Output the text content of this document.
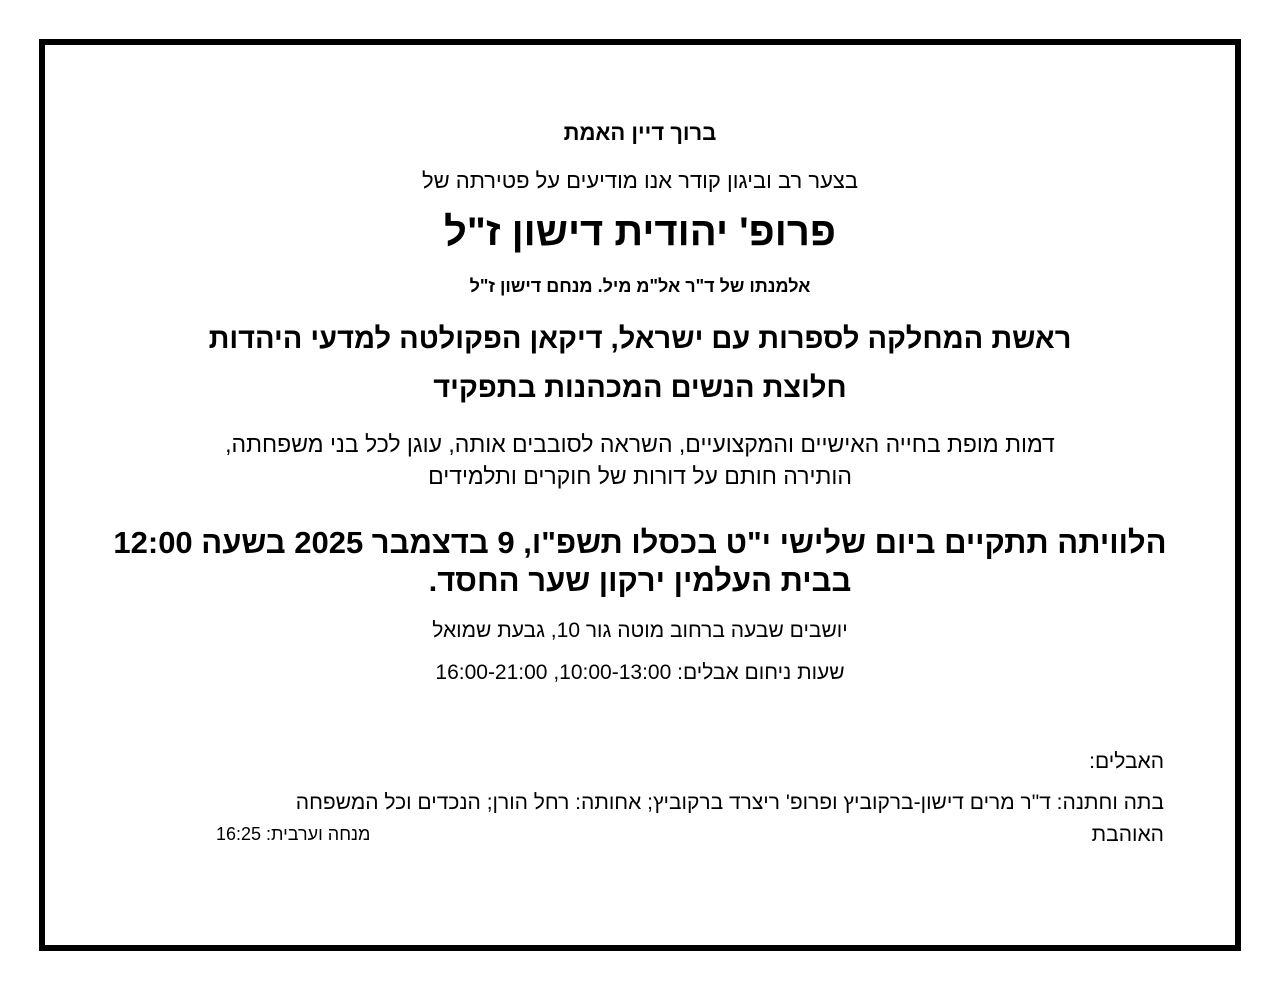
ברוך דיין האמת
בצער רב וביגון קודר אנו מודיעים על פטירתה של
פרופ' יהודית דישון ז"ל
אלמנתו של ד"ר אל"מ מיל. מנחם דישון ז"ל
ראשת המחלקה לספרות עם ישראל, דיקאן הפקולטה למדעי היהדות
חלוצת הנשים המכהנות בתפקיד
דמות מופת בחייה האישיים והמקצועיים, השראה לסובבים אותה, עוגן לכל בני משפחתה,
הותירה חותם על דורות של חוקרים ותלמידים
הלוויתה תתקיים ביום שלישי י"ט בכסלו תשפ"ו, 9 בדצמבר 2025 בשעה 12:00
בבית העלמין ירקון שער החסד.
יושבים שבעה ברחוב מוטה גור 10, גבעת שמואל
שעות ניחום אבלים: 10:00-13:00, 16:00-21:00
האבלים:
בתה וחתנה: ד"ר מרים דישון-ברקוביץ ופרופ' ריצרד ברקוביץ; אחותה: רחל הורן; הנכדים וכל המשפחה
האוהבת
מנחה וערבית: 16:25
